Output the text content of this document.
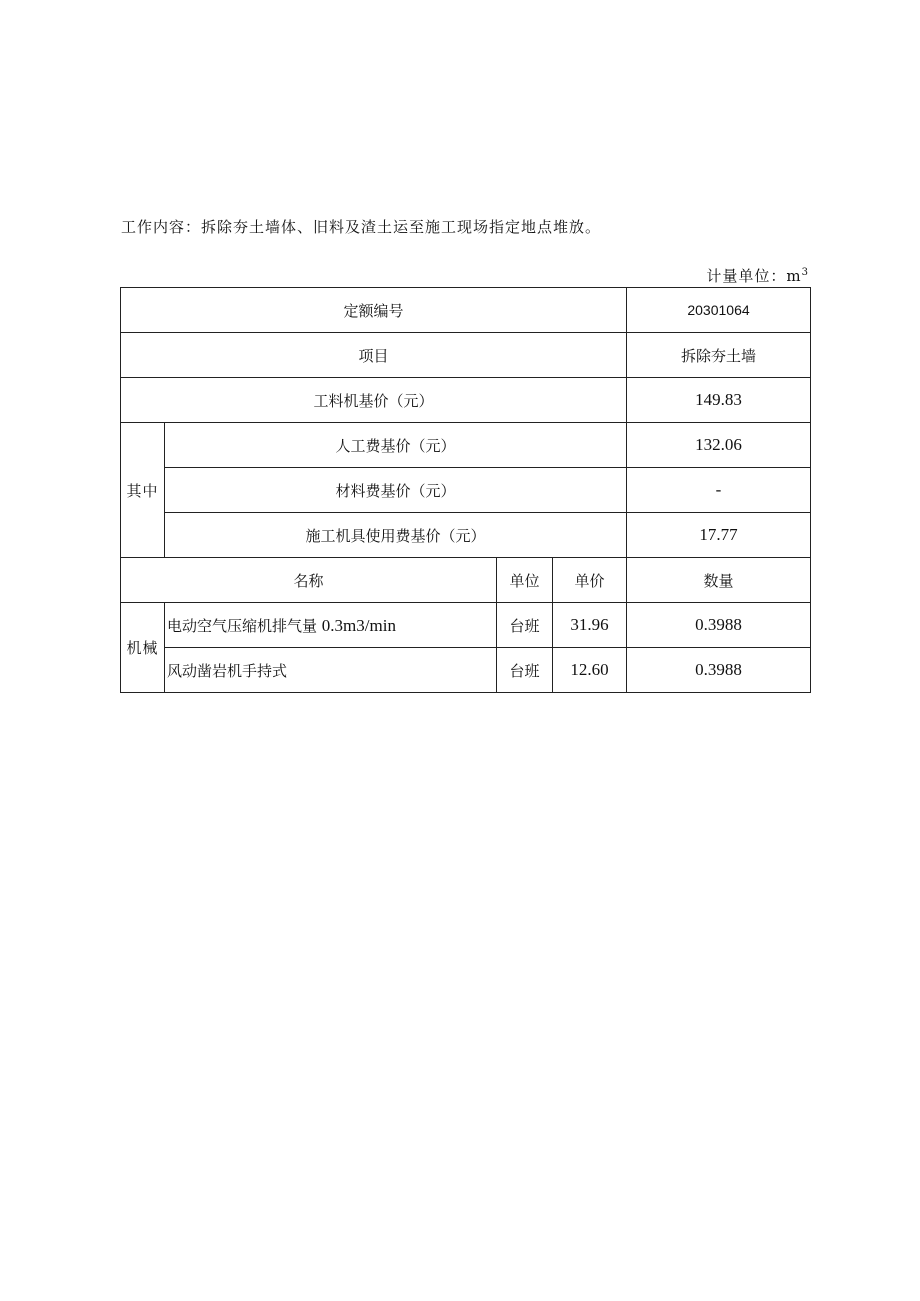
工作内容：拆除夯土墙体、旧料及渣土运至施工现场指定地点堆放。
计量单位：$m^3$
定额编号				20301064
项目				拆除夯土墙
工料机基价（元）				149.83
其中	人工费基价（元）			132.06
	材料费基价（元）			-
	施工机具使用费基价（元）			17.77
名称		单位	单价	数量
机械	电动空气压缩机排气量 0.3m3/min	台班	31.96	0.3988
	风动凿岩机手持式	台班	12.60	0.3988
